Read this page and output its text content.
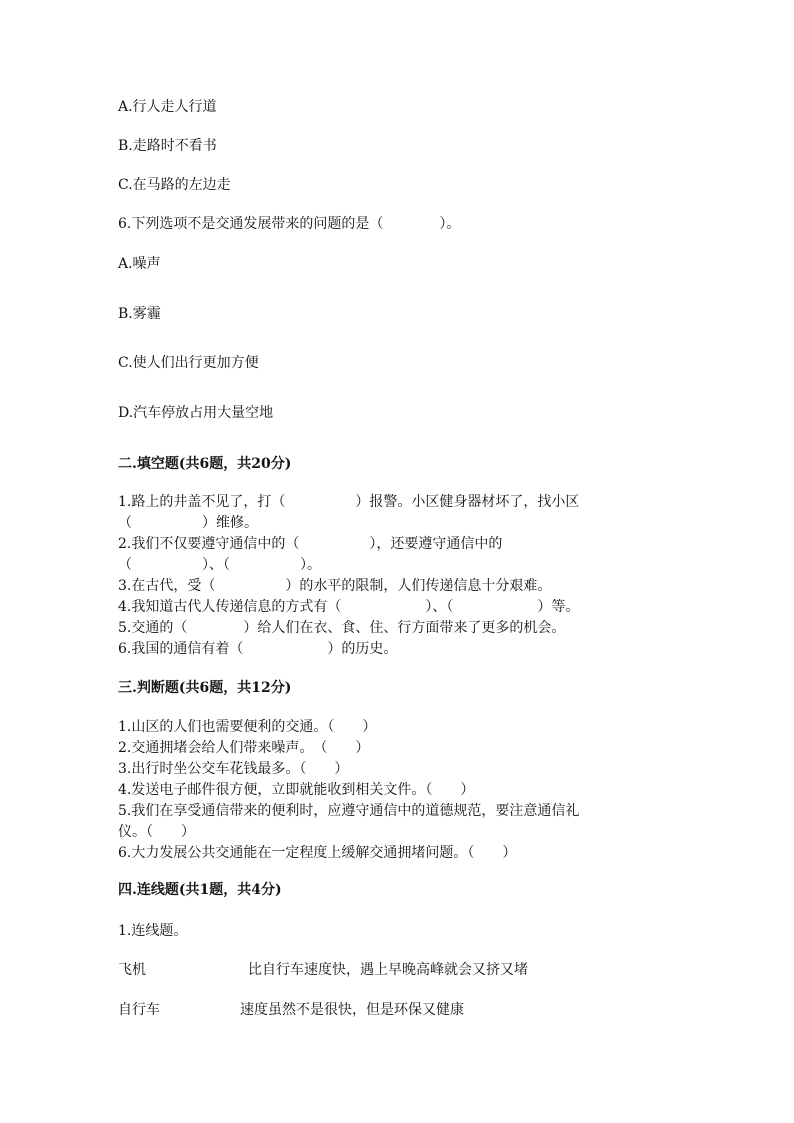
A.行人走人行道

B.走路时不看书

C.在马路的左边走

6.下列选项不是交通发展带来的问题的是（　　　　）。

A.噪声

B.雾霾

C.使人们出行更加方便

D.汽车停放占用大量空地

二.填空题(共6题，共20分)

1.路上的井盖不见了，打（　　　　　）报警。小区健身器材坏了，找小区

（　　　　　）维修。

2.我们不仅要遵守通信中的（　　　　　），还要遵守通信中的

（　　　　　）、（　　　　　）。

3.在古代，受（　　　　　）的水平的限制，人们传递信息十分艰难。

4.我知道古代人传递信息的方式有（　　　　　　）、（　　　　　　）等。

5.交通的（　　　　）给人们在衣、食、住、行方面带来了更多的机会。

6.我国的通信有着（　　　　　　）的历史。

三.判断题(共6题，共12分)

1.山区的人们也需要便利的交通。（　　）

2.交通拥堵会给人们带来噪声。　（　　）

3.出行时坐公交车花钱最多。（　　）

4.发送电子邮件很方便，立即就能收到相关文件。（　　）

5.我们在享受通信带来的便利时，应遵守通信中的道德规范，要注意通信礼

仪。（　　）

6.大力发展公共交通能在一定程度上缓解交通拥堵问题。（　　）

四.连线题(共1题，共4分)

1.连线题。

飞机	比自行车速度快，遇上早晚高峰就会又挤又堵
自行车	速度虽然不是很快，但是环保又健康
